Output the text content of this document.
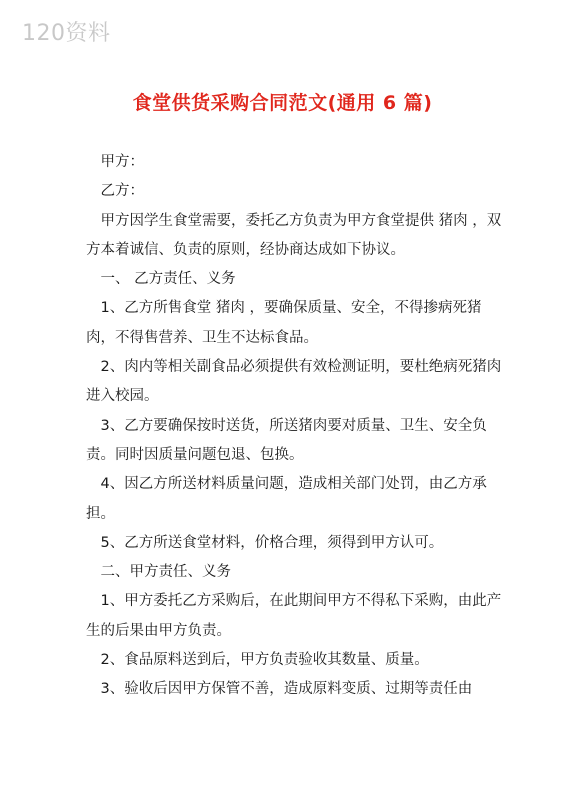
120资料
食堂供货采购合同范文(通用 6 篇)

甲方：

乙方：

甲方因学生食堂需要，委托乙方负责为甲方食堂提供 猪肉 ，双方本着诚信、负责的原则，经协商达成如下协议。

一、 乙方责任、义务

1、乙方所售食堂 猪肉 ，要确保质量、安全，不得掺病死猪肉，不得售营养、卫生不达标食品。

2、肉内等相关副食品必须提供有效检测证明，要杜绝病死猪肉进入校园。

3、乙方要确保按时送货，所送猪肉要对质量、卫生、安全负责。同时因质量问题包退、包换。

4、因乙方所送材料质量问题，造成相关部门处罚，由乙方承担。

5、乙方所送食堂材料，价格合理，须得到甲方认可。

二、甲方责任、义务

1、甲方委托乙方采购后，在此期间甲方不得私下采购，由此产生的后果由甲方负责。

2、食品原料送到后，甲方负责验收其数量、质量。

3、验收后因甲方保管不善，造成原料变质、过期等责任由
